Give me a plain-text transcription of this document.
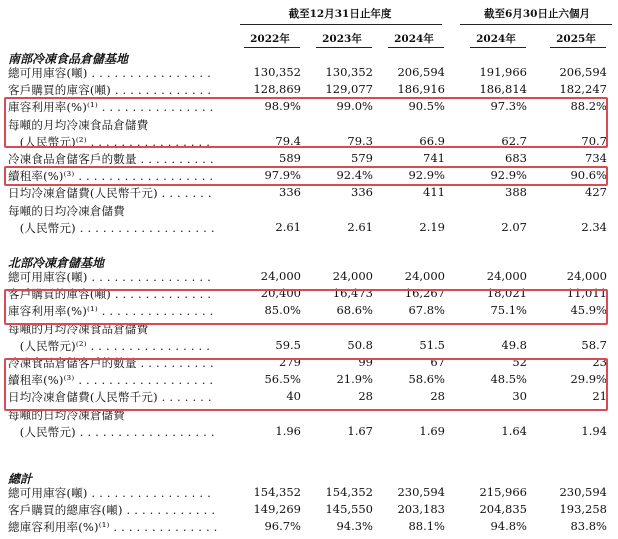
截至12月31日止年度	截至6月30日止六個月
2022年	2023年	2024年	2024年	2025年
南部冷凍食品倉儲基地
總可用庫容(噸) . . . . . . . . . . . . . . . .	130,352	130,352	206,594	191,966	206,594
客戶購買的庫容(噸) . . . . . . . . . . . . .	128,869	129,077	186,916	186,814	182,247
庫容利用率(%)⁽¹⁾ . . . . . . . . . . . . . . .	98.9%	99.0%	90.5%	97.3%	88.2%
每噸的月均冷凍食品倉儲費
　(人民幣元)⁽²⁾ . . . . . . . . . . . . . . . .	79.4	79.3	66.9	62.7	70.7
冷凍食品倉儲客戶的數量 . . . . . . . . . .	589	579	741	683	734
續租率(%)⁽³⁾ . . . . . . . . . . . . . . . . . .	97.9%	92.4%	92.9%	92.9%	90.6%
日均冷凍倉儲費(人民幣千元) . . . . . . .	336	336	411	388	427
每噸的日均冷凍倉儲費
　(人民幣元) . . . . . . . . . . . . . . . . . .	2.61	2.61	2.19	2.07	2.34
北部冷凍倉儲基地
總可用庫容(噸) . . . . . . . . . . . . . . . .	24,000	24,000	24,000	24,000	24,000
客戶購買的庫容(噸) . . . . . . . . . . . . .	20,400	16,473	16,267	18,021	11,011
庫容利用率(%)⁽¹⁾ . . . . . . . . . . . . . . .	85.0%	68.6%	67.8%	75.1%	45.9%
每噸的月均冷凍食品倉儲費
　(人民幣元)⁽²⁾ . . . . . . . . . . . . . . . .	59.5	50.8	51.5	49.8	58.7
冷凍食品倉儲客戶的數量 . . . . . . . . . .	279	99	67	52	23
續租率(%)⁽³⁾ . . . . . . . . . . . . . . . . . .	56.5%	21.9%	58.6%	48.5%	29.9%
日均冷凍倉儲費(人民幣千元) . . . . . . .	40	28	28	30	21
每噸的日均冷凍倉儲費
　(人民幣元) . . . . . . . . . . . . . . . . . .	1.96	1.67	1.69	1.64	1.94
總計
總可用庫容(噸) . . . . . . . . . . . . . . . .	154,352	154,352	230,594	215,966	230,594
客戶購買的總庫容(噸) . . . . . . . . . . . .	149,269	145,550	203,183	204,835	193,258
總庫容利用率(%)⁽¹⁾ . . . . . . . . . . . . . .	96.7%	94.3%	88.1%	94.8%	83.8%
